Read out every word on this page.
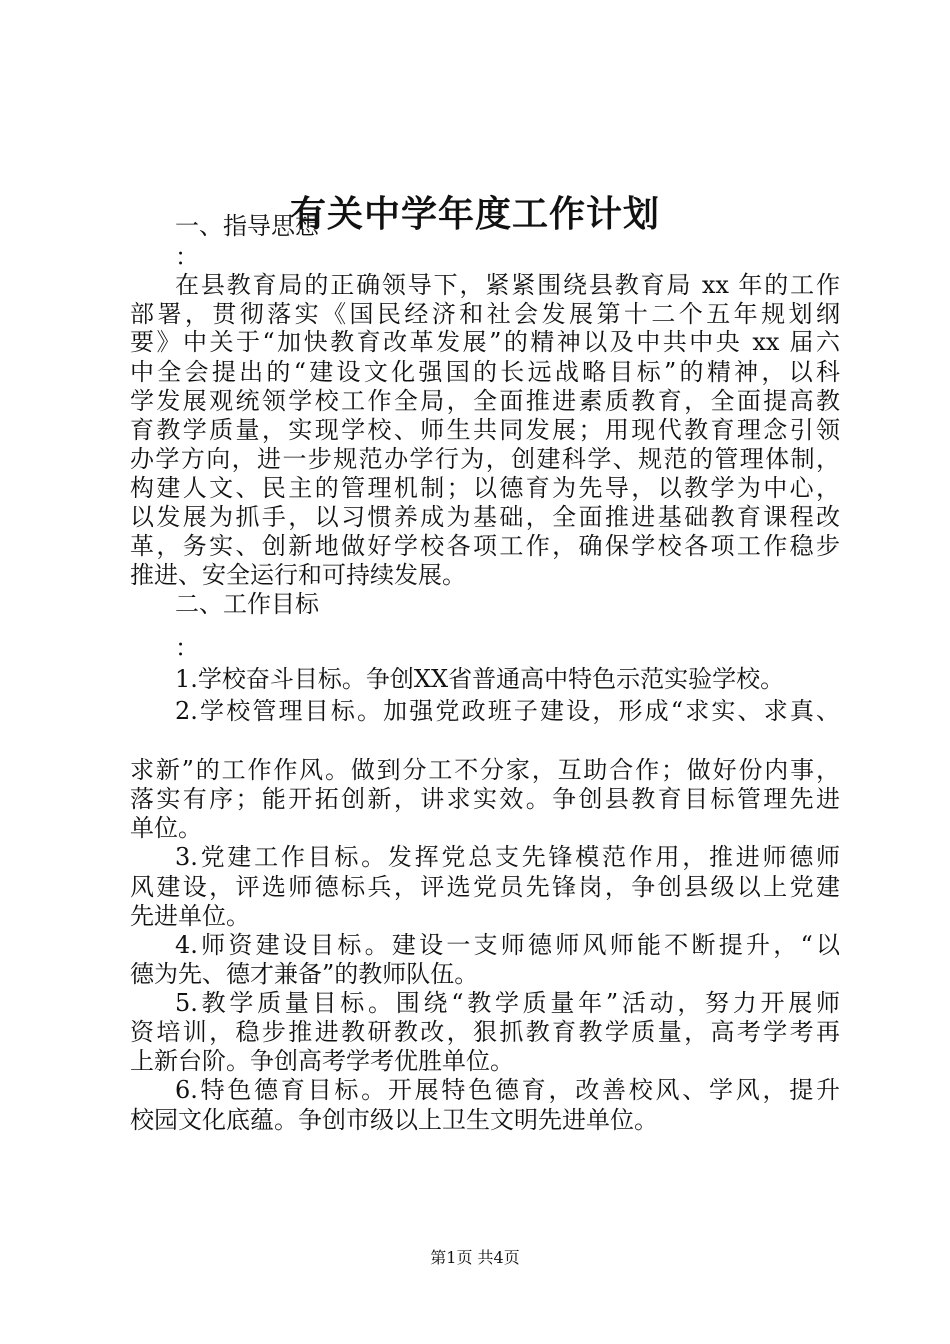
有关中学年度工作计划
一、指导思想
：
在县教育局的正确领导下，紧紧围绕县教育局 xx 年的工作
部署，贯彻落实《国民经济和社会发展第十二个五年规划纲
要》中关于“加快教育改革发展”的精神以及中共中央 xx 届六
中全会提出的“建设文化强国的长远战略目标”的精神，以科
学发展观统领学校工作全局，全面推进素质教育，全面提高教
育教学质量，实现学校、师生共同发展；用现代教育理念引领
办学方向，进一步规范办学行为，创建科学、规范的管理体制，
构建人文、民主的管理机制；以德育为先导，以教学为中心，
以发展为抓手，以习惯养成为基础，全面推进基础教育课程改
革，务实、创新地做好学校各项工作，确保学校各项工作稳步
推进、安全运行和可持续发展。
二、工作目标
：
1.学校奋斗目标。争创XX省普通高中特色示范实验学校。
2.学校管理目标。加强党政班子建设，形成“求实、求真、
求新”的工作作风。做到分工不分家，互助合作；做好份内事，
落实有序；能开拓创新，讲求实效。争创县教育目标管理先进
单位。
3.党建工作目标。发挥党总支先锋模范作用，推进师德师
风建设，评选师德标兵，评选党员先锋岗，争创县级以上党建
先进单位。
4.师资建设目标。建设一支师德师风师能不断提升，“以
德为先、德才兼备”的教师队伍。
5.教学质量目标。围绕“教学质量年”活动，努力开展师
资培训，稳步推进教研教改，狠抓教育教学质量，高考学考再
上新台阶。争创高考学考优胜单位。
6.特色德育目标。开展特色德育，改善校风、学风，提升
校园文化底蕴。争创市级以上卫生文明先进单位。
第1页 共4页
